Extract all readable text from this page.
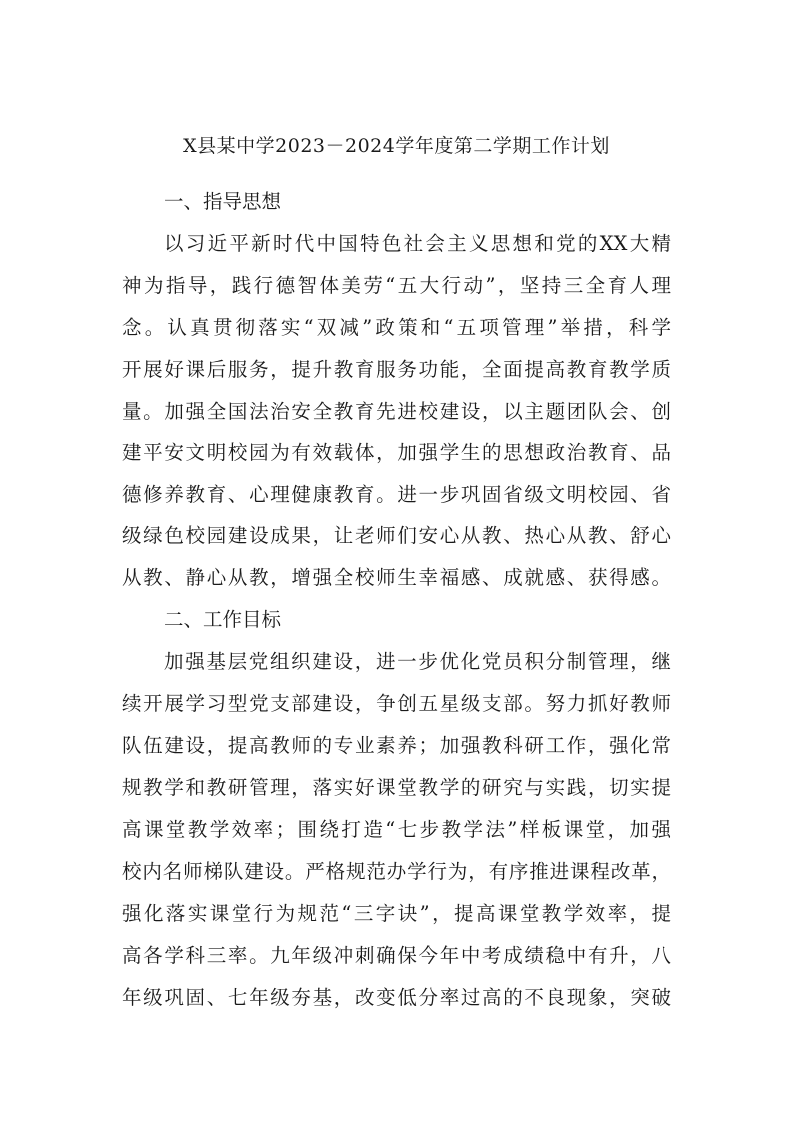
X县某中学2023－2024学年度第二学期工作计划
一、指导思想
以习近平新时代中国特色社会主义思想和党的XX大精
神为指导，践行德智体美劳“五大行动”，坚持三全育人理
念。认真贯彻落实“双减”政策和“五项管理”举措，科学
开展好课后服务，提升教育服务功能，全面提高教育教学质
量。加强全国法治安全教育先进校建设，以主题团队会、创
建平安文明校园为有效载体，加强学生的思想政治教育、品
德修养教育、心理健康教育。进一步巩固省级文明校园、省
级绿色校园建设成果，让老师们安心从教、热心从教、舒心
从教、静心从教，增强全校师生幸福感、成就感、获得感。
二、工作目标
加强基层党组织建设，进一步优化党员积分制管理，继
续开展学习型党支部建设，争创五星级支部。努力抓好教师
队伍建设，提高教师的专业素养；加强教科研工作，强化常
规教学和教研管理，落实好课堂教学的研究与实践，切实提
高课堂教学效率；围绕打造“七步教学法”样板课堂，加强
校内名师梯队建设。严格规范办学行为，有序推进课程改革，
强化落实课堂行为规范“三字诀”，提高课堂教学效率，提
高各学科三率。九年级冲刺确保今年中考成绩稳中有升，八
年级巩固、七年级夯基，改变低分率过高的不良现象，突破
